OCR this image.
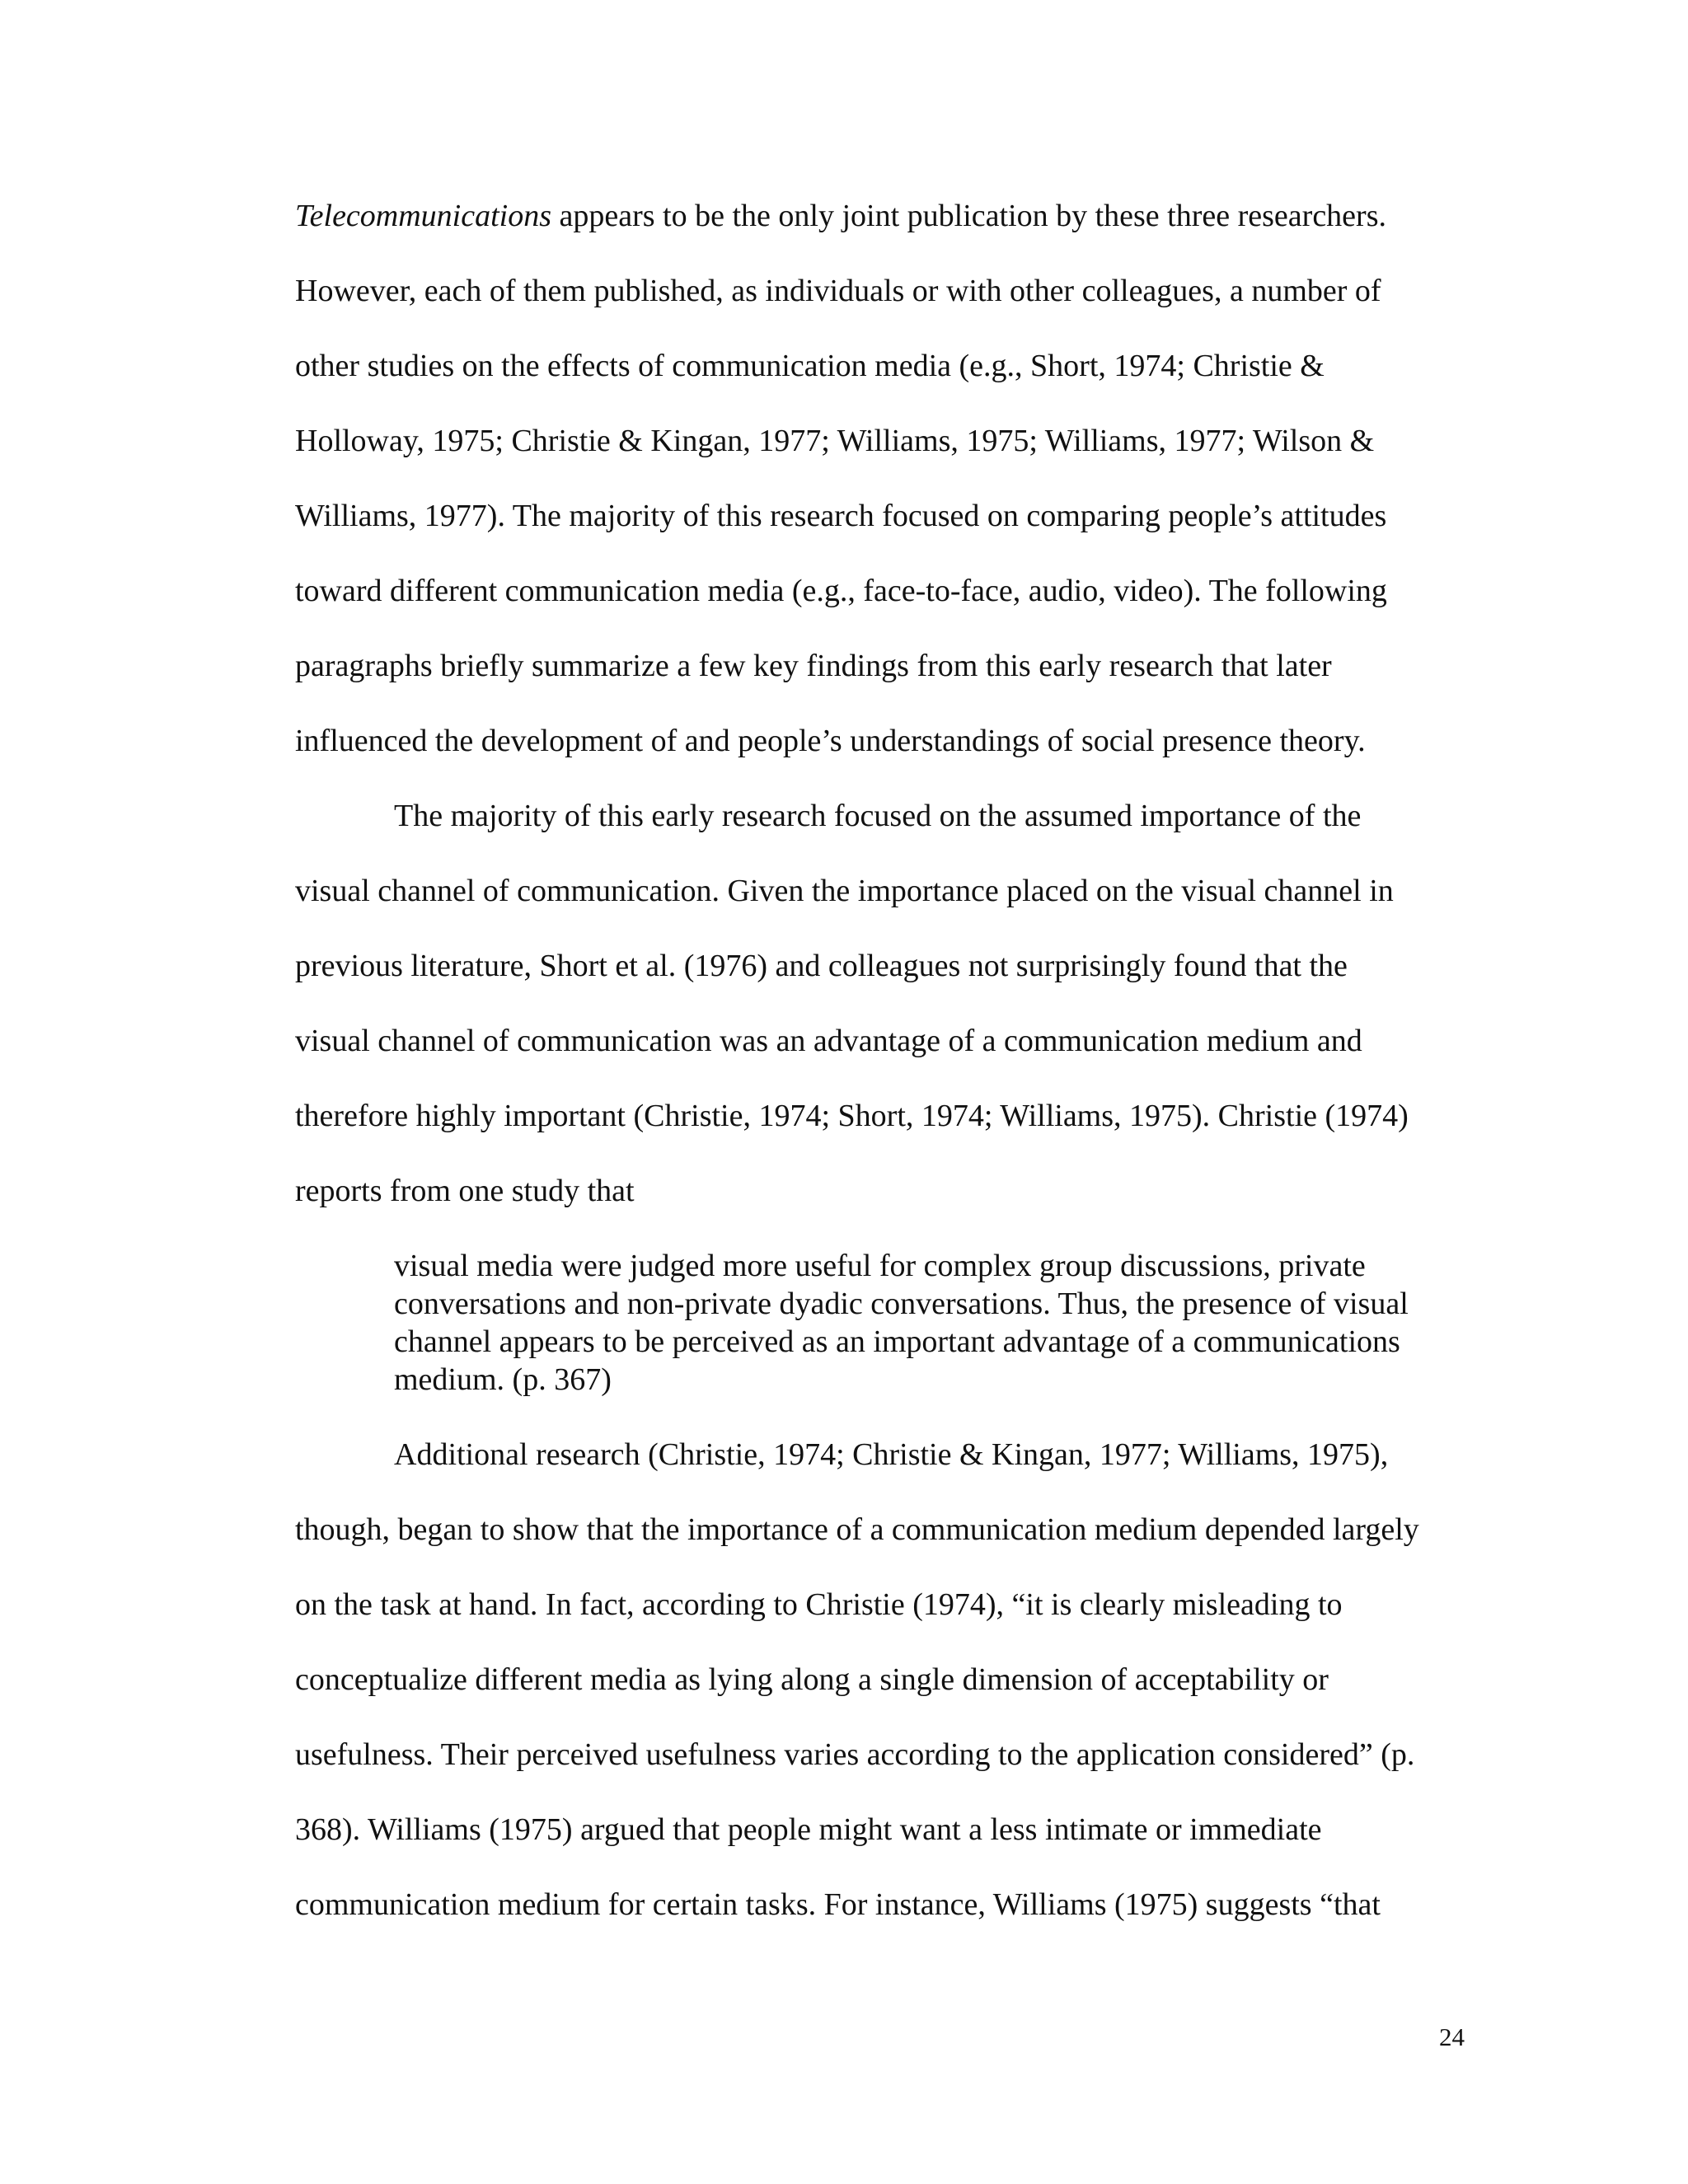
Telecommunications appears to be the only joint publication by these three researchers.

However, each of them published, as individuals or with other colleagues, a number of

other studies on the effects of communication media (e.g., Short, 1974; Christie &

Holloway, 1975; Christie & Kingan, 1977; Williams, 1975; Williams, 1977; Wilson &

Williams, 1977). The majority of this research focused on comparing people’s attitudes

toward different communication media (e.g., face-to-face, audio, video). The following

paragraphs briefly summarize a few key findings from this early research that later

influenced the development of and people’s understandings of social presence theory.

The majority of this early research focused on the assumed importance of the

visual channel of communication. Given the importance placed on the visual channel in

previous literature, Short et al. (1976) and colleagues not surprisingly found that the

visual channel of communication was an advantage of a communication medium and

therefore highly important (Christie, 1974; Short, 1974; Williams, 1975). Christie (1974)

reports from one study that

visual media were judged more useful for complex group discussions, private

conversations and non-private dyadic conversations. Thus, the presence of visual

channel appears to be perceived as an important advantage of a communications

medium. (p. 367)

Additional research (Christie, 1974; Christie & Kingan, 1977; Williams, 1975),

though, began to show that the importance of a communication medium depended largely

on the task at hand. In fact, according to Christie (1974), “it is clearly misleading to

conceptualize different media as lying along a single dimension of acceptability or

usefulness. Their perceived usefulness varies according to the application considered” (p.

368). Williams (1975) argued that people might want a less intimate or immediate

communication medium for certain tasks. For instance, Williams (1975) suggests “that

24
